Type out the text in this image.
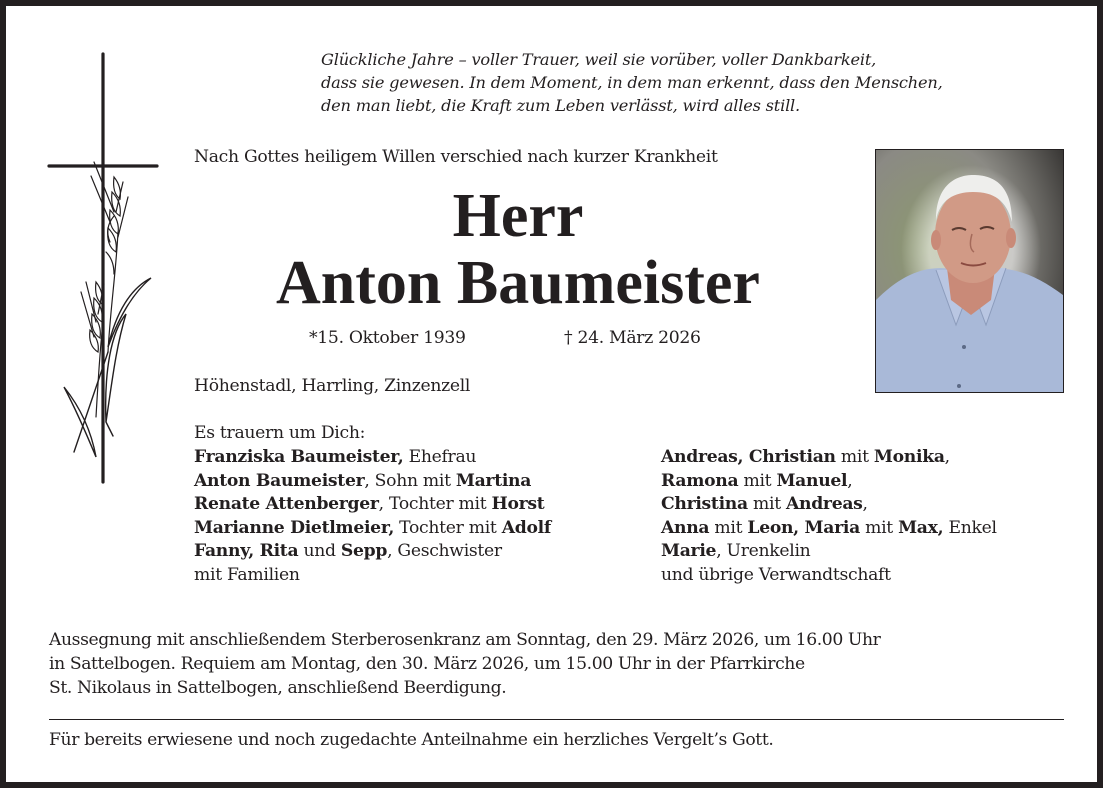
Glückliche Jahre – voller Trauer, weil sie vorüber, voller Dankbarkeit,
dass sie gewesen. In dem Moment, in dem man erkennt, dass den Menschen,
den man liebt, die Kraft zum Leben verlässt, wird alles still.
Nach Gottes heiligem Willen verschied nach kurzer Krankheit
Herr
Anton Baumeister
*15. Oktober 1939	† 24. März 2026
Höhenstadl, Harrling, Zinzenzell
Es trauern um Dich:
Franziska Baumeister, Ehefrau
Anton Baumeister, Sohn mit Martina
Renate Attenberger, Tochter mit Horst
Marianne Dietlmeier, Tochter mit Adolf
Fanny, Rita und Sepp, Geschwister
mit Familien
Andreas, Christian mit Monika,
Ramona mit Manuel,
Christina mit Andreas,
Anna mit Leon, Maria mit Max, Enkel
Marie, Urenkelin
und übrige Verwandtschaft
Aussegnung mit anschließendem Sterberosenkranz am Sonntag, den 29. März 2026, um 16.00 Uhr
in Sattelbogen. Requiem am Montag, den 30. März 2026, um 15.00 Uhr in der Pfarrkirche
St. Nikolaus in Sattelbogen, anschließend Beerdigung.
Für bereits erwiesene und noch zugedachte Anteilnahme ein herzliches Vergelt’s Gott.
